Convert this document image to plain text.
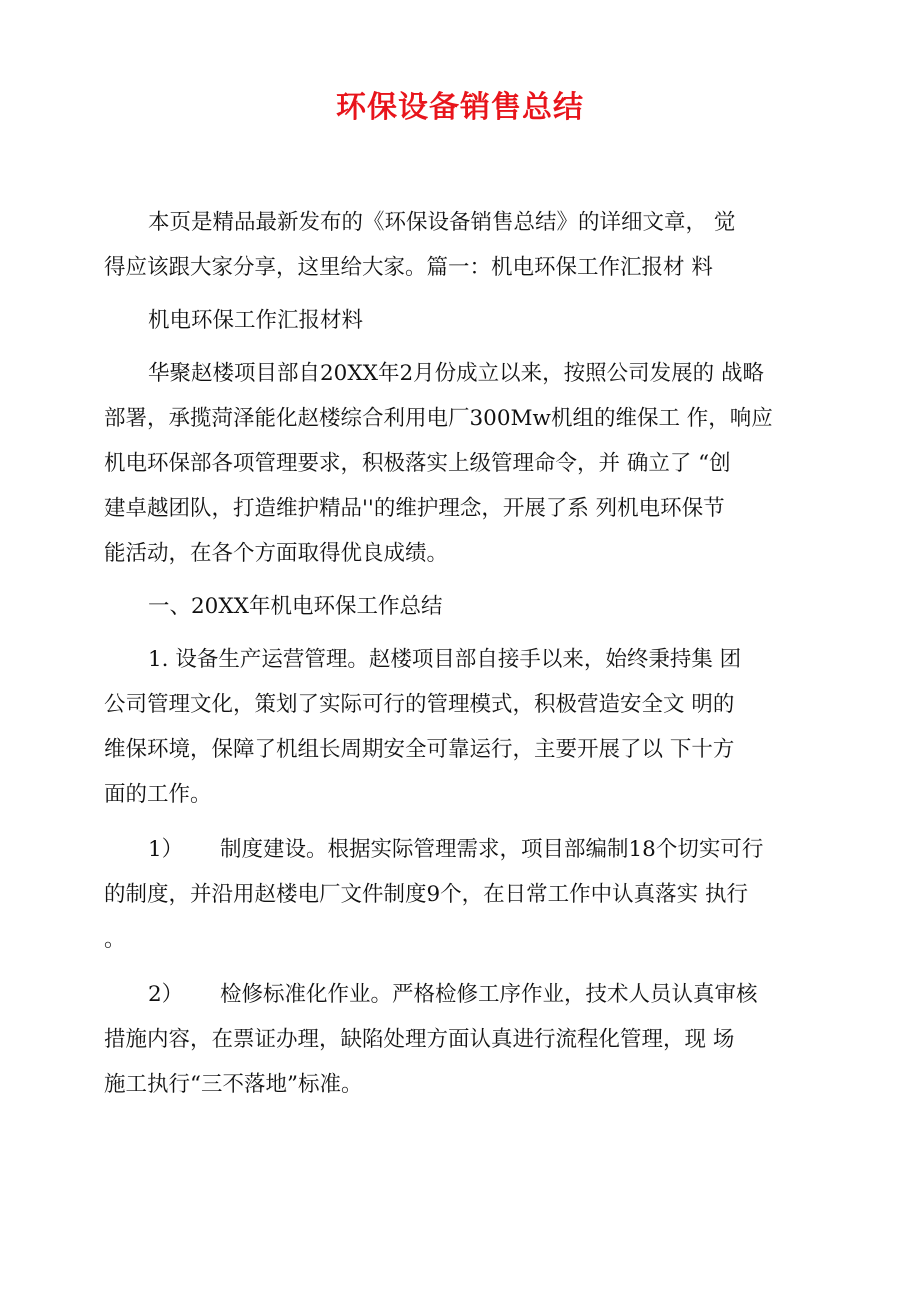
环保设备销售总结
本页是精品最新发布的《环保设备销售总结》的详细文章， 觉
得应该跟大家分享，这里给大家。篇一：机电环保工作汇报材 料
机电环保工作汇报材料
华聚赵楼项目部自20XX年2月份成立以来，按照公司发展的 战略
部署，承揽菏泽能化赵楼综合利用电厂300Mw机组的维保工 作，响应
机电环保部各项管理要求，积极落实上级管理命令，并 确立了 “创
建卓越团队，打造维护精品''的维护理念，开展了系 列机电环保节
能活动，在各个方面取得优良成绩。
一、20XX年机电环保工作总结
1. 设备生产运营管理。赵楼项目部自接手以来，始终秉持集 团
公司管理文化，策划了实际可行的管理模式，积极营造安全文 明的
维保环境，保障了机组长周期安全可靠运行，主要开展了以 下十方
面的工作。
1） 制度建设。根据实际管理需求，项目部编制18个切实可行
的制度，并沿用赵楼电厂文件制度9个，在日常工作中认真落实 执行
。
2） 检修标准化作业。严格检修工序作业，技术人员认真审核
措施内容，在票证办理，缺陷处理方面认真进行流程化管理，现 场
施工执行“三不落地”标准。
